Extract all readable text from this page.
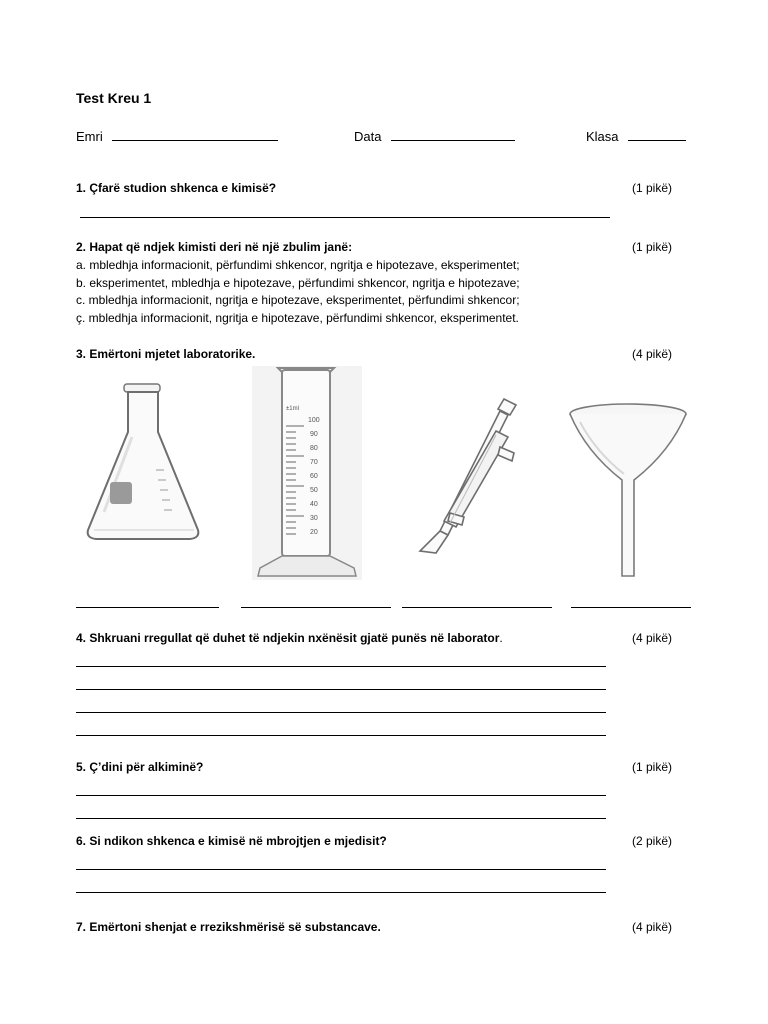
Test Kreu 1
Emri	Data	Klasa
1. Çfarë studion shkenca e kimisë?	(1 pikë)
2. Hapat që ndjek kimisti deri në një zbulim janë:	(1 pikë)
a. mbledhja informacionit, përfundimi shkencor, ngritja e hipotezave, eksperimentet;
b. eksperimentet, mbledhja e hipotezave, përfundimi shkencor, ngritja e hipotezave;
c. mbledhja informacionit, ngritja e hipotezave, eksperimentet, përfundimi shkencor;
ç. mbledhja informacionit, ngritja e hipotezave, përfundimi shkencor, eksperimentet.
3. Emërtoni mjetet laboratorike.	(4 pikë)
±1ml
100
90
80
70
60
50
40
30
20
4. Shkruani rregullat që duhet të ndjekin nxënësit gjatë punës në laborator.	(4 pikë)
5. Ç’dini për alkiminë?	(1 pikë)
6. Si ndikon shkenca e kimisë në mbrojtjen e mjedisit?	(2 pikë)
7. Emërtoni shenjat e rrezikshmërisë së substancave.	(4 pikë)
